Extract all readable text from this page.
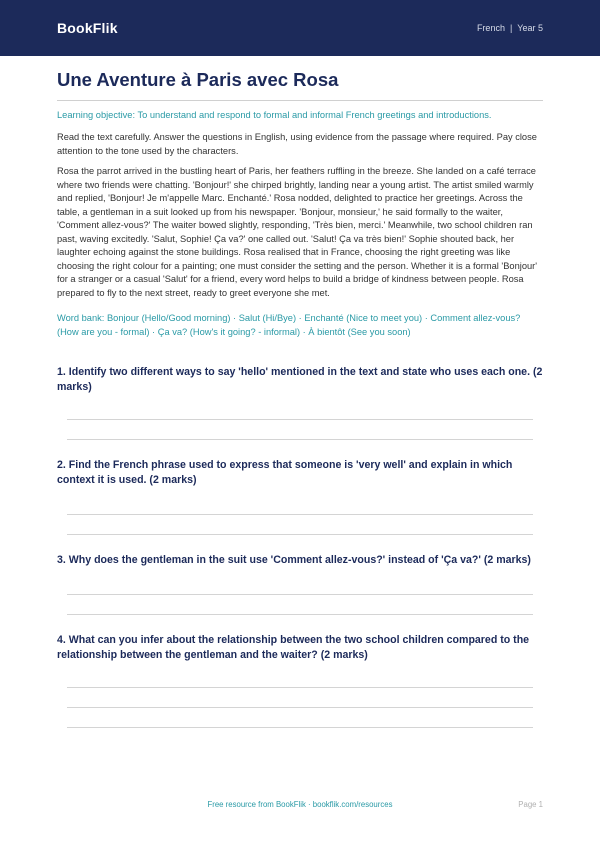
BookFlik	French | Year 5
Une Aventure à Paris avec Rosa
Learning objective: To understand and respond to formal and informal French greetings and introductions.
Read the text carefully. Answer the questions in English, using evidence from the passage where required. Pay close attention to the tone used by the characters.
Rosa the parrot arrived in the bustling heart of Paris, her feathers ruffling in the breeze. She landed on a café terrace where two friends were chatting. 'Bonjour!' she chirped brightly, landing near a young artist. The artist smiled warmly and replied, 'Bonjour! Je m'appelle Marc. Enchanté.' Rosa nodded, delighted to practice her greetings. Across the table, a gentleman in a suit looked up from his newspaper. 'Bonjour, monsieur,' he said formally to the waiter, 'Comment allez-vous?' The waiter bowed slightly, responding, 'Très bien, merci.' Meanwhile, two school children ran past, waving excitedly. 'Salut, Sophie! Ça va?' one called out. 'Salut! Ça va très bien!' Sophie shouted back, her laughter echoing against the stone buildings. Rosa realised that in France, choosing the right greeting was like choosing the right colour for a painting; one must consider the setting and the person. Whether it is a formal 'Bonjour' for a stranger or a casual 'Salut' for a friend, every word helps to build a bridge of kindness between people. Rosa prepared to fly to the next street, ready to greet everyone she met.
Word bank: Bonjour (Hello/Good morning) · Salut (Hi/Bye) · Enchanté (Nice to meet you) · Comment allez-vous? (How are you - formal) · Ça va? (How's it going? - informal) · À bientôt (See you soon)
1. Identify two different ways to say 'hello' mentioned in the text and state who uses each one. (2 marks)
2. Find the French phrase used to express that someone is 'very well' and explain in which context it is used. (2 marks)
3. Why does the gentleman in the suit use 'Comment allez-vous?' instead of 'Ça va?' (2 marks)
4. What can you infer about the relationship between the two school children compared to the relationship between the gentleman and the waiter? (2 marks)
Free resource from BookFlik · bookflik.com/resources	Page 1
